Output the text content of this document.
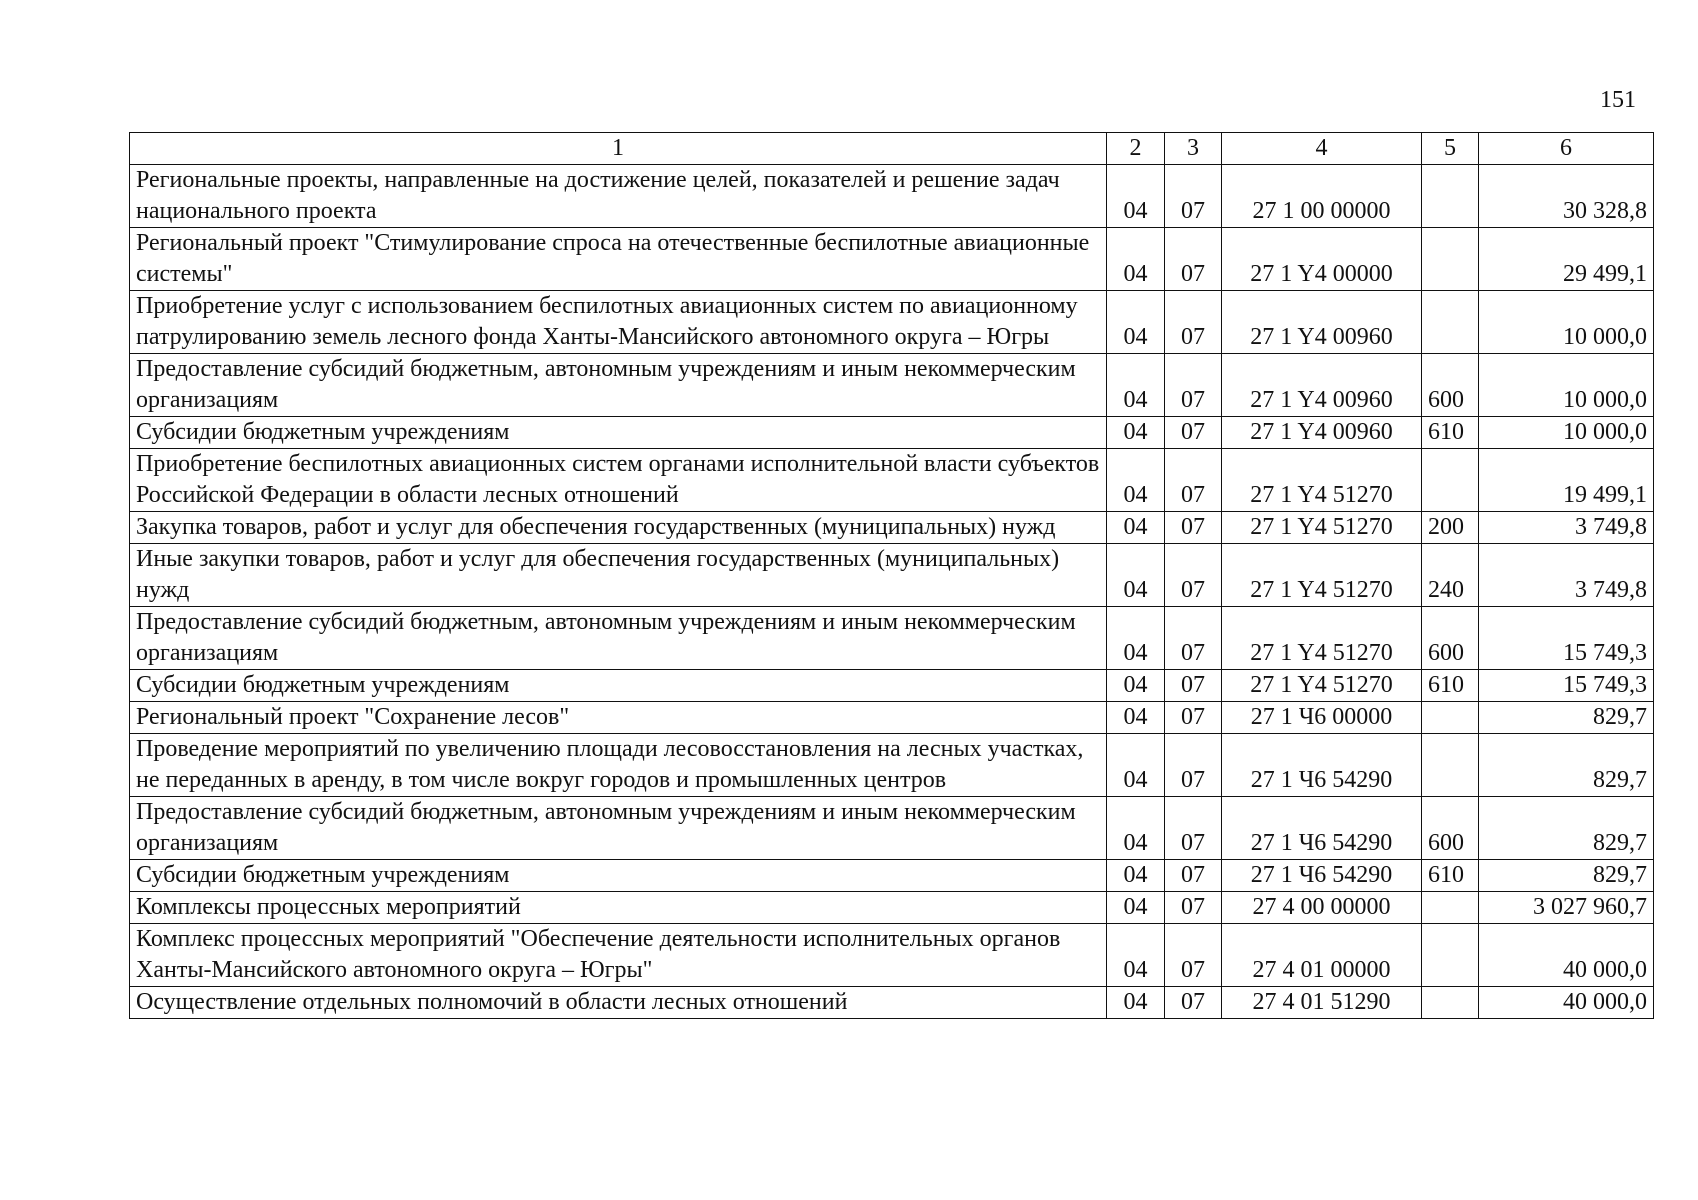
151
1	2	3	4	5	6
Региональные проекты, направленные на достижение целей, показателей и решение задач национального проекта	04	07	27 1 00 00000		30 328,8
Региональный проект "Стимулирование спроса на отечественные беспилотные авиационные системы"	04	07	27 1 Y4 00000		29 499,1
Приобретение услуг с использованием беспилотных авиационных систем по авиационному патрулированию земель лесного фонда Ханты-Мансийского автономного округа – Югры	04	07	27 1 Y4 00960		10 000,0
Предоставление субсидий бюджетным, автономным учреждениям и иным некоммерческим организациям	04	07	27 1 Y4 00960	600	10 000,0
Субсидии бюджетным учреждениям	04	07	27 1 Y4 00960	610	10 000,0
Приобретение беспилотных авиационных систем органами исполнительной власти субъектов Российской Федерации в области лесных отношений	04	07	27 1 Y4 51270		19 499,1
Закупка товаров, работ и услуг для обеспечения государственных (муниципальных) нужд	04	07	27 1 Y4 51270	200	3 749,8
Иные закупки товаров, работ и услуг для обеспечения государственных (муниципальных) нужд	04	07	27 1 Y4 51270	240	3 749,8
Предоставление субсидий бюджетным, автономным учреждениям и иным некоммерческим организациям	04	07	27 1 Y4 51270	600	15 749,3
Субсидии бюджетным учреждениям	04	07	27 1 Y4 51270	610	15 749,3
Региональный проект "Сохранение лесов"	04	07	27 1 Ч6 00000		829,7
Проведение мероприятий по увеличению площади лесовосстановления на лесных участках, не переданных в аренду, в том числе вокруг городов и промышленных центров	04	07	27 1 Ч6 54290		829,7
Предоставление субсидий бюджетным, автономным учреждениям и иным некоммерческим организациям	04	07	27 1 Ч6 54290	600	829,7
Субсидии бюджетным учреждениям	04	07	27 1 Ч6 54290	610	829,7
Комплексы процессных мероприятий	04	07	27 4 00 00000		3 027 960,7
Комплекс процессных мероприятий "Обеспечение деятельности исполнительных органов Ханты-Мансийского автономного округа – Югры"	04	07	27 4 01 00000		40 000,0
Осуществление отдельных полномочий в области лесных отношений	04	07	27 4 01 51290		40 000,0
